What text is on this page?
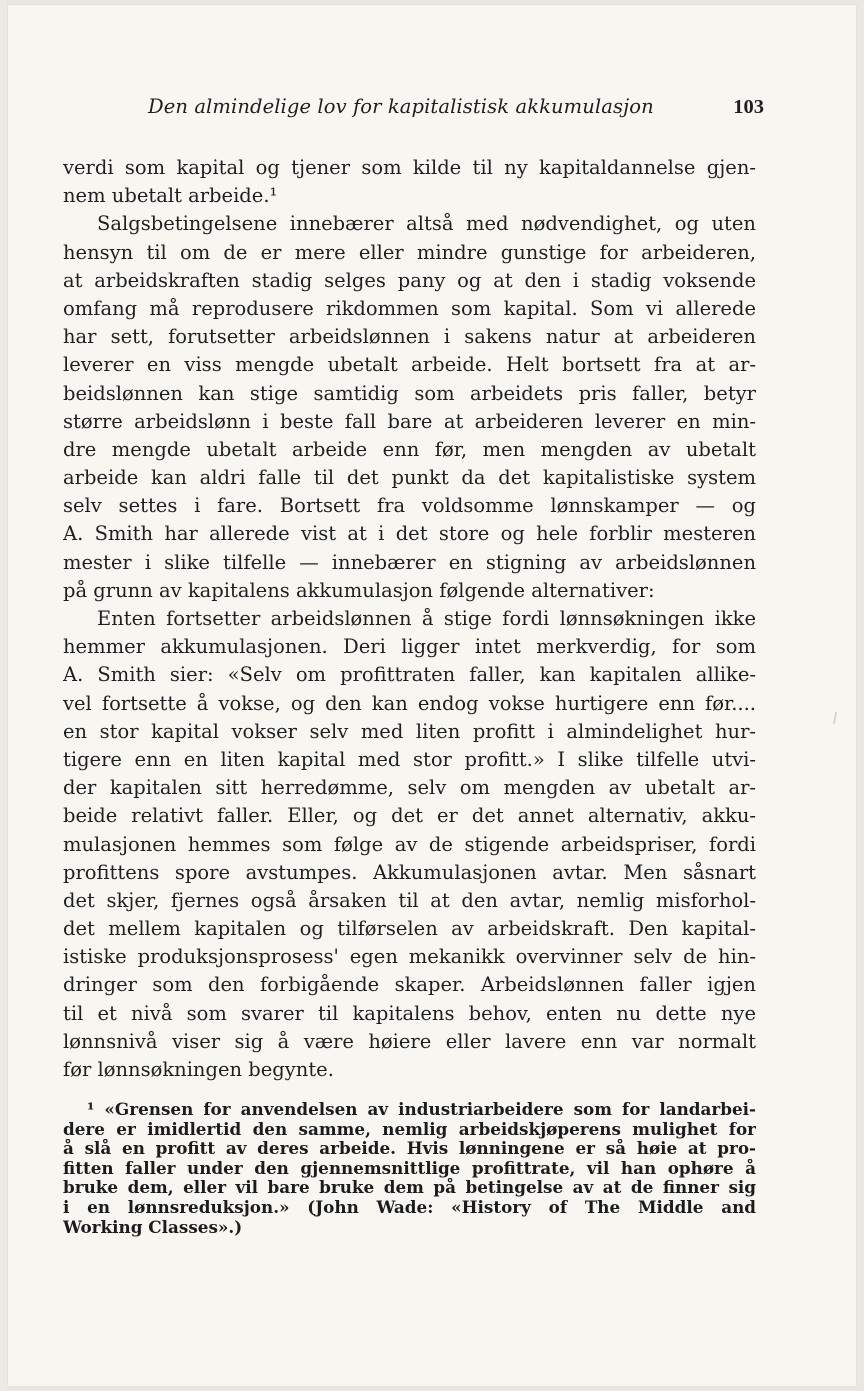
Den almindelige lov for kapitalistisk akkumulasjon	103
verdi som kapital og tjener som kilde til ny kapitaldannelse gjen-
nem ubetalt arbeide.¹
Salgsbetingelsene innebærer altså med nødvendighet, og uten
hensyn til om de er mere eller mindre gunstige for arbeideren,
at arbeidskraften stadig selges pany og at den i stadig voksende
omfang må reprodusere rikdommen som kapital. Som vi allerede
har sett, forutsetter arbeidslønnen i sakens natur at arbeideren
leverer en viss mengde ubetalt arbeide. Helt bortsett fra at ar-
beidslønnen kan stige samtidig som arbeidets pris faller, betyr
større arbeidslønn i beste fall bare at arbeideren leverer en min-
dre mengde ubetalt arbeide enn før, men mengden av ubetalt
arbeide kan aldri falle til det punkt da det kapitalistiske system
selv settes i fare. Bortsett fra voldsomme lønnskamper — og
A. Smith har allerede vist at i det store og hele forblir mesteren
mester i slike tilfelle — innebærer en stigning av arbeidslønnen
på grunn av kapitalens akkumulasjon følgende alternativer:
Enten fortsetter arbeidslønnen å stige fordi lønnsøkningen ikke
hemmer akkumulasjonen. Deri ligger intet merkverdig, for som
A. Smith sier: «Selv om profittraten faller, kan kapitalen allike-
vel fortsette å vokse, og den kan endog vokse hurtigere enn før....
en stor kapital vokser selv med liten profitt i almindelighet hur-
tigere enn en liten kapital med stor profitt.» I slike tilfelle utvi-
der kapitalen sitt herredømme, selv om mengden av ubetalt ar-
beide relativt faller. Eller, og det er det annet alternativ, akku-
mulasjonen hemmes som følge av de stigende arbeidspriser, fordi
profittens spore avstumpes. Akkumulasjonen avtar. Men såsnart
det skjer, fjernes også årsaken til at den avtar, nemlig misforhol-
det mellem kapitalen og tilførselen av arbeidskraft. Den kapital-
istiske produksjonsprosess' egen mekanikk overvinner selv de hin-
dringer som den forbigående skaper. Arbeidslønnen faller igjen
til et nivå som svarer til kapitalens behov, enten nu dette nye
lønnsnivå viser sig å være høiere eller lavere enn var normalt
før lønnsøkningen begynte.
¹ «Grensen for anvendelsen av industriarbeidere som for landarbei-
dere er imidlertid den samme, nemlig arbeidskjøperens mulighet for
å slå en profitt av deres arbeide. Hvis lønningene er så høie at pro-
fitten faller under den gjennemsnittlige profittrate, vil han ophøre å
bruke dem, eller vil bare bruke dem på betingelse av at de finner sig
i en lønnsreduksjon.» (John Wade: «History of The Middle and
Working Classes».)
